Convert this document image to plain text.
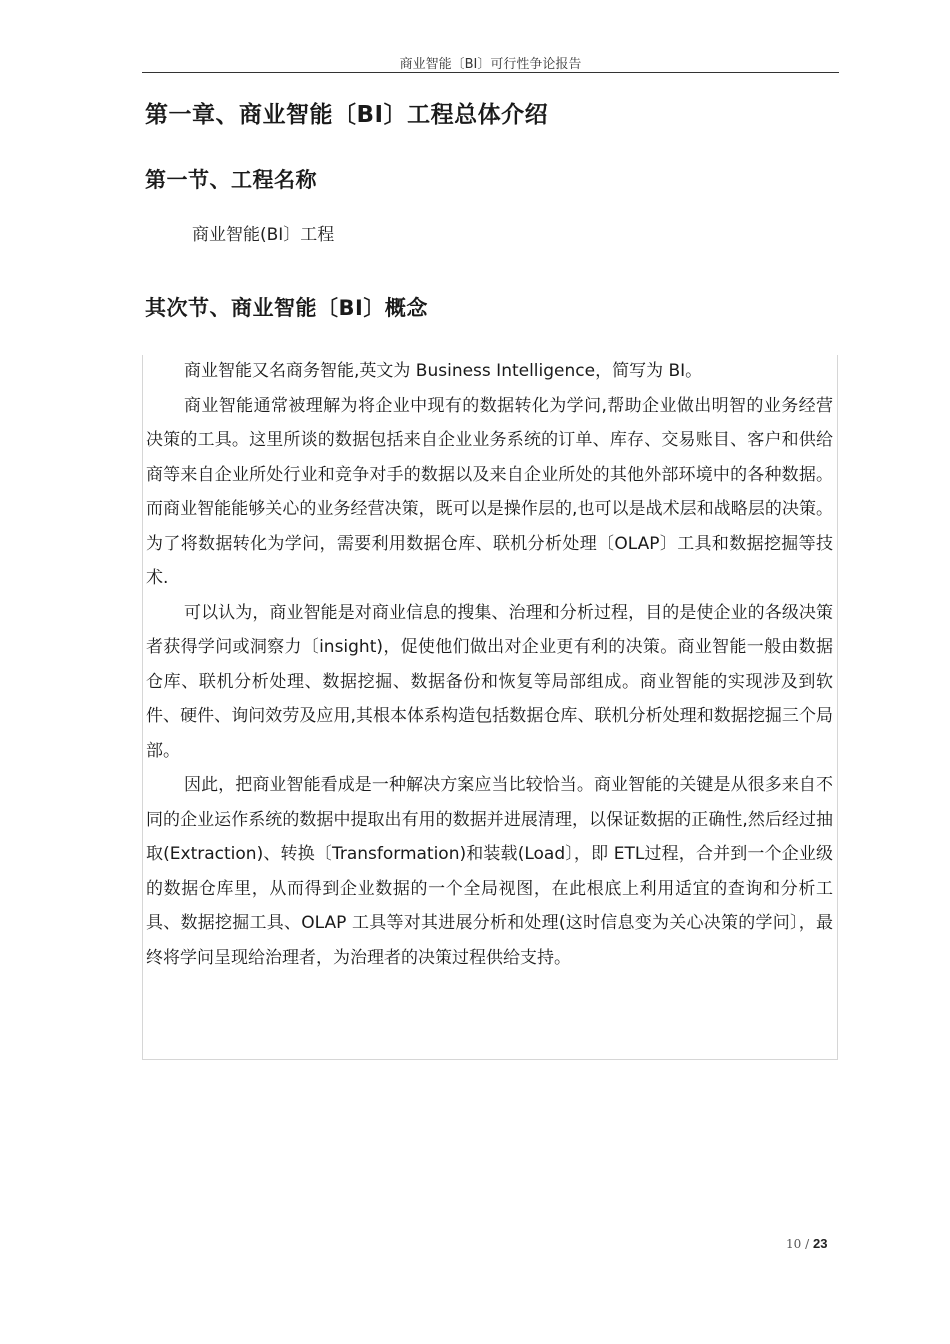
商业智能〔BI〕可行性争论报告
第一章、商业智能〔BI〕工程总体介绍
第一节、工程名称

商业智能(BI〕工程

其次节、商业智能〔BI〕概念

商业智能又名商务智能,英文为 Business Intelligence，简写为 BI。

商业智能通常被理解为将企业中现有的数据转化为学问,帮助企业做出明智的业务经营决策的工具。这里所谈的数据包括来自企业业务系统的订单、库存、交易账目、客户和供给商等来自企业所处行业和竞争对手的数据以及来自企业所处的其他外部环境中的各种数据。而商业智能能够关心的业务经营决策，既可以是操作层的,也可以是战术层和战略层的决策。为了将数据转化为学问，需要利用数据仓库、联机分析处理〔OLAP〕工具和数据挖掘等技术.

可以认为，商业智能是对商业信息的搜集、治理和分析过程，目的是使企业的各级决策者获得学问或洞察力〔insight)，促使他们做出对企业更有利的决策。商业智能一般由数据仓库、联机分析处理、数据挖掘、数据备份和恢复等局部组成。商业智能的实现涉及到软件、硬件、询问效劳及应用,其根本体系构造包括数据仓库、联机分析处理和数据挖掘三个局部。

因此，把商业智能看成是一种解决方案应当比较恰当。商业智能的关键是从很多来自不同的企业运作系统的数据中提取出有用的数据并进展清理，以保证数据的正确性,然后经过抽取(Extraction)、转换〔Transformation)和装载(Load〕，即 ETL过程，合并到一个企业级的数据仓库里，从而得到企业数据的一个全局视图，在此根底上利用适宜的查询和分析工具、数据挖掘工具、OLAP 工具等对其进展分析和处理(这时信息变为关心决策的学问〕，最终将学问呈现给治理者，为治理者的决策过程供给支持。

10 / 23
